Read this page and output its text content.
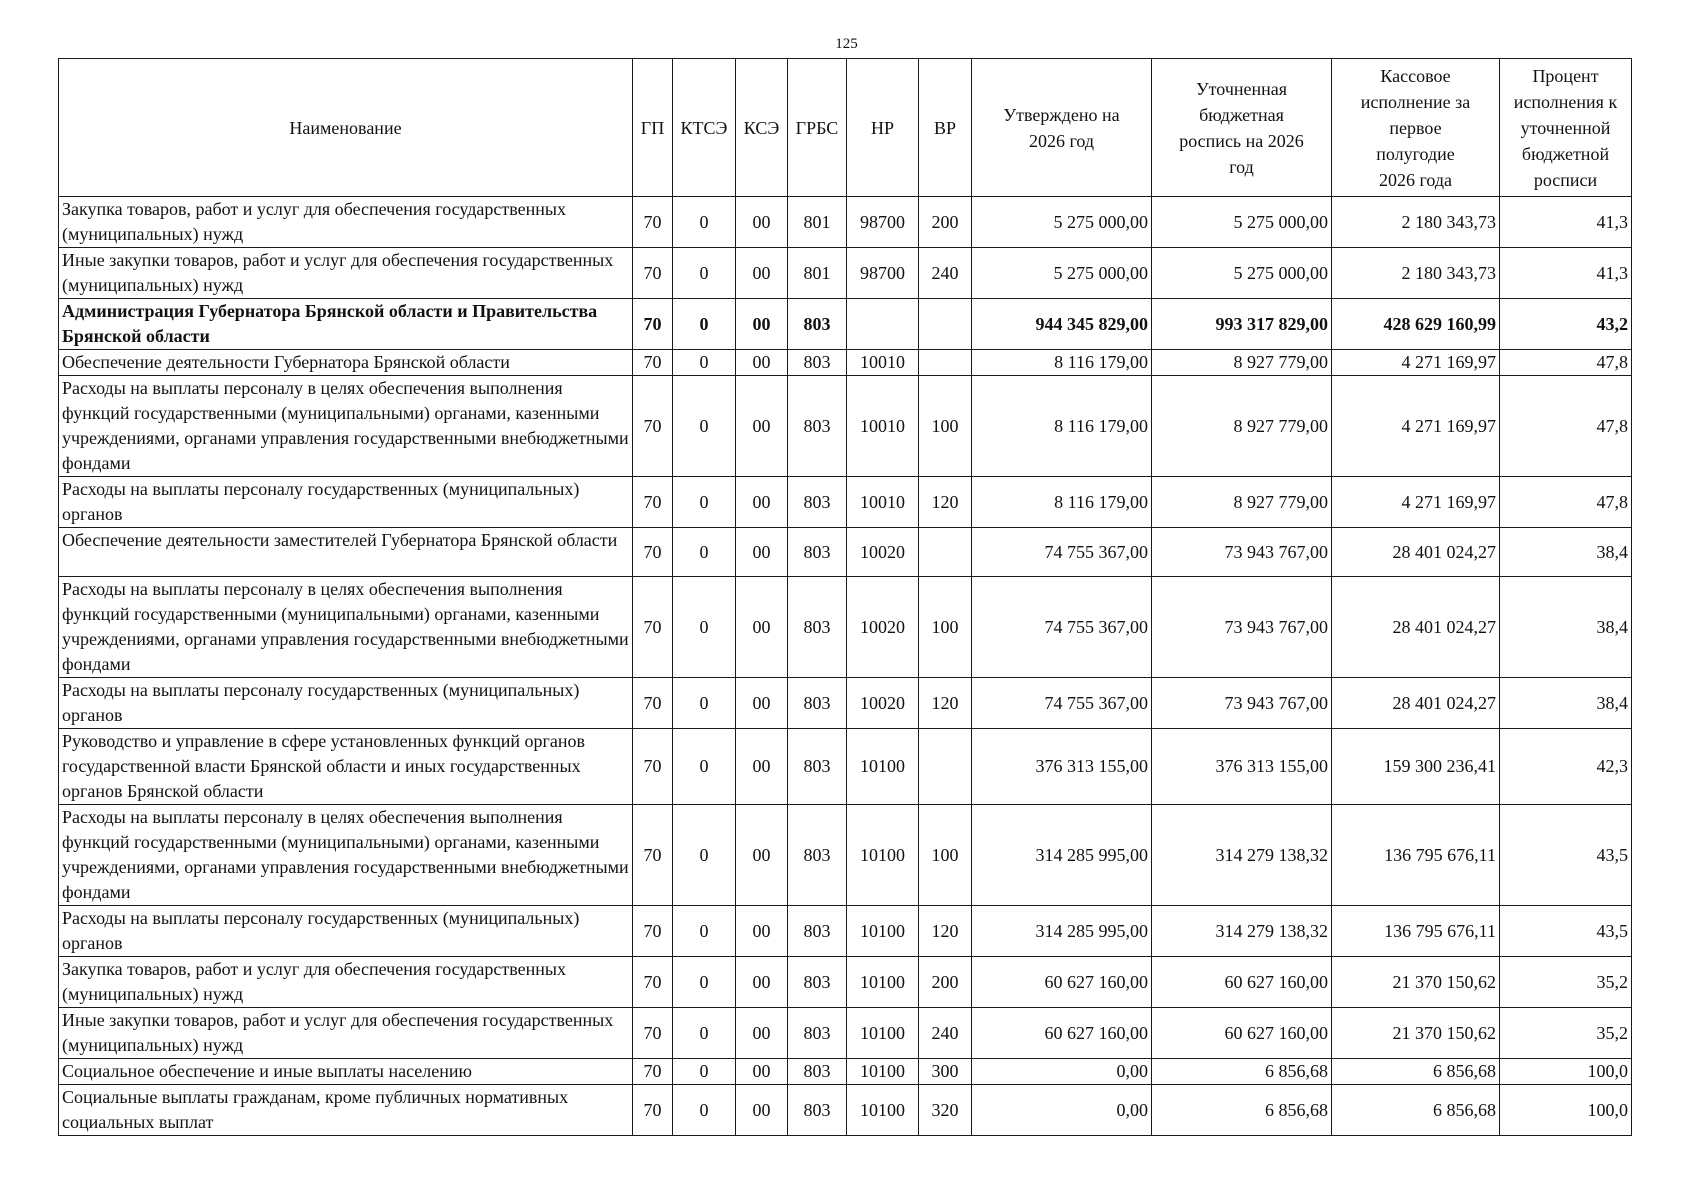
125
Наименование	ГП	КТСЭ	КСЭ	ГРБС	НР	ВР	Утверждено на 2026 год	Уточненная бюджетная роспись на 2026 год	Кассовое исполнение за первое полугодие 2026 года	Процент исполнения к уточненной бюджетной росписи
Закупка товаров, работ и услуг для обеспечения государственных (муниципальных) нужд	70	0	00	801	98700	200	5 275 000,00	5 275 000,00	2 180 343,73	41,3
Иные закупки товаров, работ и услуг для обеспечения государственных (муниципальных) нужд	70	0	00	801	98700	240	5 275 000,00	5 275 000,00	2 180 343,73	41,3
Администрация Губернатора Брянской области и Правительства Брянской области	70	0	00	803			944 345 829,00	993 317 829,00	428 629 160,99	43,2
Обеспечение деятельности Губернатора Брянской области	70	0	00	803	10010		8 116 179,00	8 927 779,00	4 271 169,97	47,8
Расходы на выплаты персоналу в целях обеспечения выполнения функций государственными (муниципальными) органами, казенными учреждениями, органами управления государственными внебюджетными фондами	70	0	00	803	10010	100	8 116 179,00	8 927 779,00	4 271 169,97	47,8
Расходы на выплаты персоналу государственных (муниципальных) органов	70	0	00	803	10010	120	8 116 179,00	8 927 779,00	4 271 169,97	47,8
Обеспечение деятельности заместителей Губернатора Брянской области	70	0	00	803	10020		74 755 367,00	73 943 767,00	28 401 024,27	38,4
Расходы на выплаты персоналу в целях обеспечения выполнения функций государственными (муниципальными) органами, казенными учреждениями, органами управления государственными внебюджетными фондами	70	0	00	803	10020	100	74 755 367,00	73 943 767,00	28 401 024,27	38,4
Расходы на выплаты персоналу государственных (муниципальных) органов	70	0	00	803	10020	120	74 755 367,00	73 943 767,00	28 401 024,27	38,4
Руководство и управление в сфере установленных функций органов государственной власти Брянской области и иных государственных органов Брянской области	70	0	00	803	10100		376 313 155,00	376 313 155,00	159 300 236,41	42,3
Расходы на выплаты персоналу в целях обеспечения выполнения функций государственными (муниципальными) органами, казенными учреждениями, органами управления государственными внебюджетными фондами	70	0	00	803	10100	100	314 285 995,00	314 279 138,32	136 795 676,11	43,5
Расходы на выплаты персоналу государственных (муниципальных) органов	70	0	00	803	10100	120	314 285 995,00	314 279 138,32	136 795 676,11	43,5
Закупка товаров, работ и услуг для обеспечения государственных (муниципальных) нужд	70	0	00	803	10100	200	60 627 160,00	60 627 160,00	21 370 150,62	35,2
Иные закупки товаров, работ и услуг для обеспечения государственных (муниципальных) нужд	70	0	00	803	10100	240	60 627 160,00	60 627 160,00	21 370 150,62	35,2
Социальное обеспечение и иные выплаты населению	70	0	00	803	10100	300	0,00	6 856,68	6 856,68	100,0
Социальные выплаты гражданам, кроме публичных нормативных социальных выплат	70	0	00	803	10100	320	0,00	6 856,68	6 856,68	100,0
